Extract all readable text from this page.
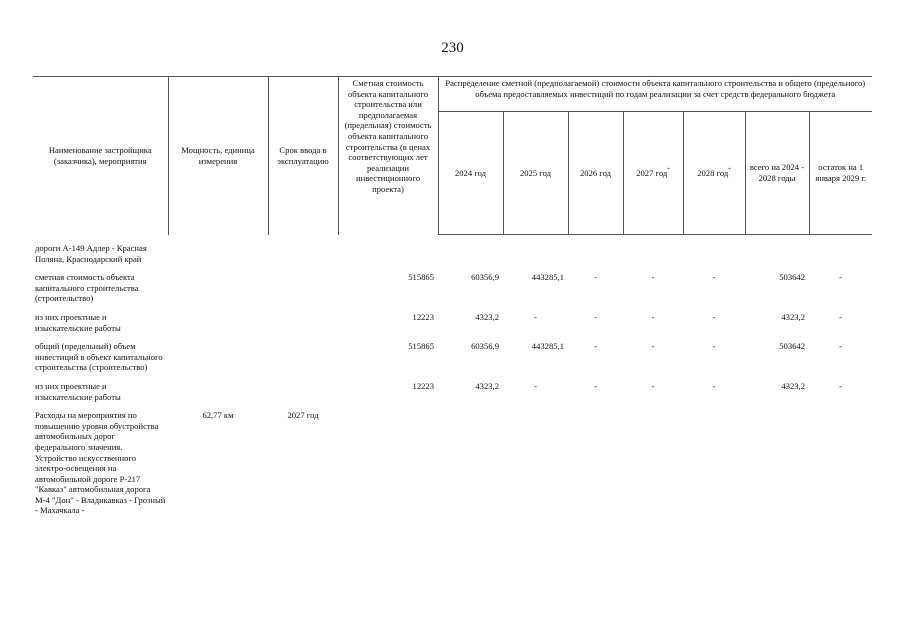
230
Наименование застройщика (заказчика), мероприятия	Мощность, единица измерения	Срок ввода в эксплуатацию	Сметная стоимость объекта капитального строительства или предполагаемая (предельная) стоимость объекта капитального строительства (в ценах соответствующих лет реализации инвестиционного проекта)	Распределение сметной (предполагаемой) стоимости объекта капитального строительства и общего (предельного) объема предоставляемых инвестиций по годам реализации за счет средств федерального бюджета						
				2024 год	2025 год	2026 год	2027 год*	2028 год*	всего на 2024 - 2028 годы	остаток на 1 января 2029 г.

дороги А-149 Адлер - Красная Поляна, Краснодарский край										

сметная стоимость объекта капитального строительства (строительство)			515865	60356,9	443285,1	-	-	-	503642	-

из них проектные и изыскательские работы			12223	4323,2	-	-	-	-	4323,2	-

общий (предельный) объем инвестиций в объект капитального строительства (строительство)			515865	60356,9	443285,1	-	-	-	503642	-

из них проектные и изыскательские работы			12223	4323,2	-	-	-	-	4323,2	-

Расходы на мероприятия по повышению уровня обустройства автомобильных дорог федерального значения. Устройство искусственного электро-освещения на автомобильной дороге Р-217 "Кавказ" автомобильная дорога М-4 "Дон" - Владикавказ - Грозный - Махачкала -	62,77 км	2027 год								
